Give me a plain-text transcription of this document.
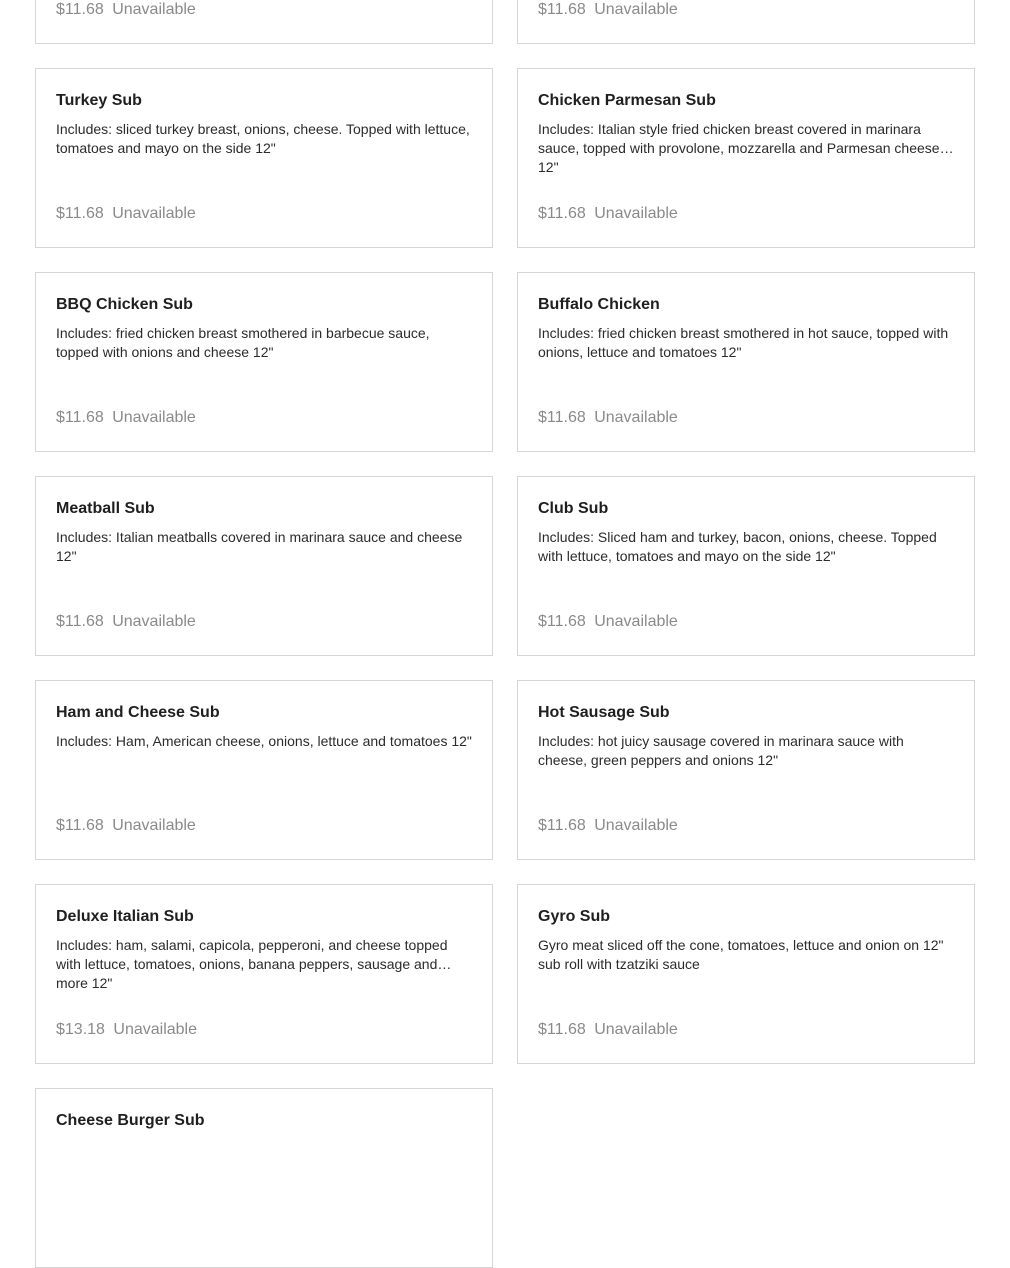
$11.68 Unavailable	$11.68 Unavailable
Turkey Sub
Includes: sliced turkey breast, onions, cheese. Topped with lettuce, tomatoes and mayo on the side 12"
$11.68 Unavailable
Chicken Parmesan Sub
Includes: Italian style fried chicken breast covered in marinara sauce, topped with provolone, mozzarella and Parmesan cheese 12"
$11.68 Unavailable
BBQ Chicken Sub
Includes: fried chicken breast smothered in barbecue sauce, topped with onions and cheese 12"
$11.68 Unavailable
Buffalo Chicken
Includes: fried chicken breast smothered in hot sauce, topped with onions, lettuce and tomatoes 12"
$11.68 Unavailable
Meatball Sub
Includes: Italian meatballs covered in marinara sauce and cheese 12"
$11.68 Unavailable
Club Sub
Includes: Sliced ham and turkey, bacon, onions, cheese. Topped with lettuce, tomatoes and mayo on the side 12"
$11.68 Unavailable
Ham and Cheese Sub
Includes: Ham, American cheese, onions, lettuce and tomatoes 12"
$11.68 Unavailable
Hot Sausage Sub
Includes: hot juicy sausage covered in marinara sauce with cheese, green peppers and onions 12"
$11.68 Unavailable
Deluxe Italian Sub
Includes: ham, salami, capicola, pepperoni, and cheese topped with lettuce, tomatoes, onions, banana peppers, sausage and more 12"
$13.18 Unavailable
Gyro Sub
Gyro meat sliced off the cone, tomatoes, lettuce and onion on 12" sub roll with tzatziki sauce
$11.68 Unavailable
Cheese Burger Sub
